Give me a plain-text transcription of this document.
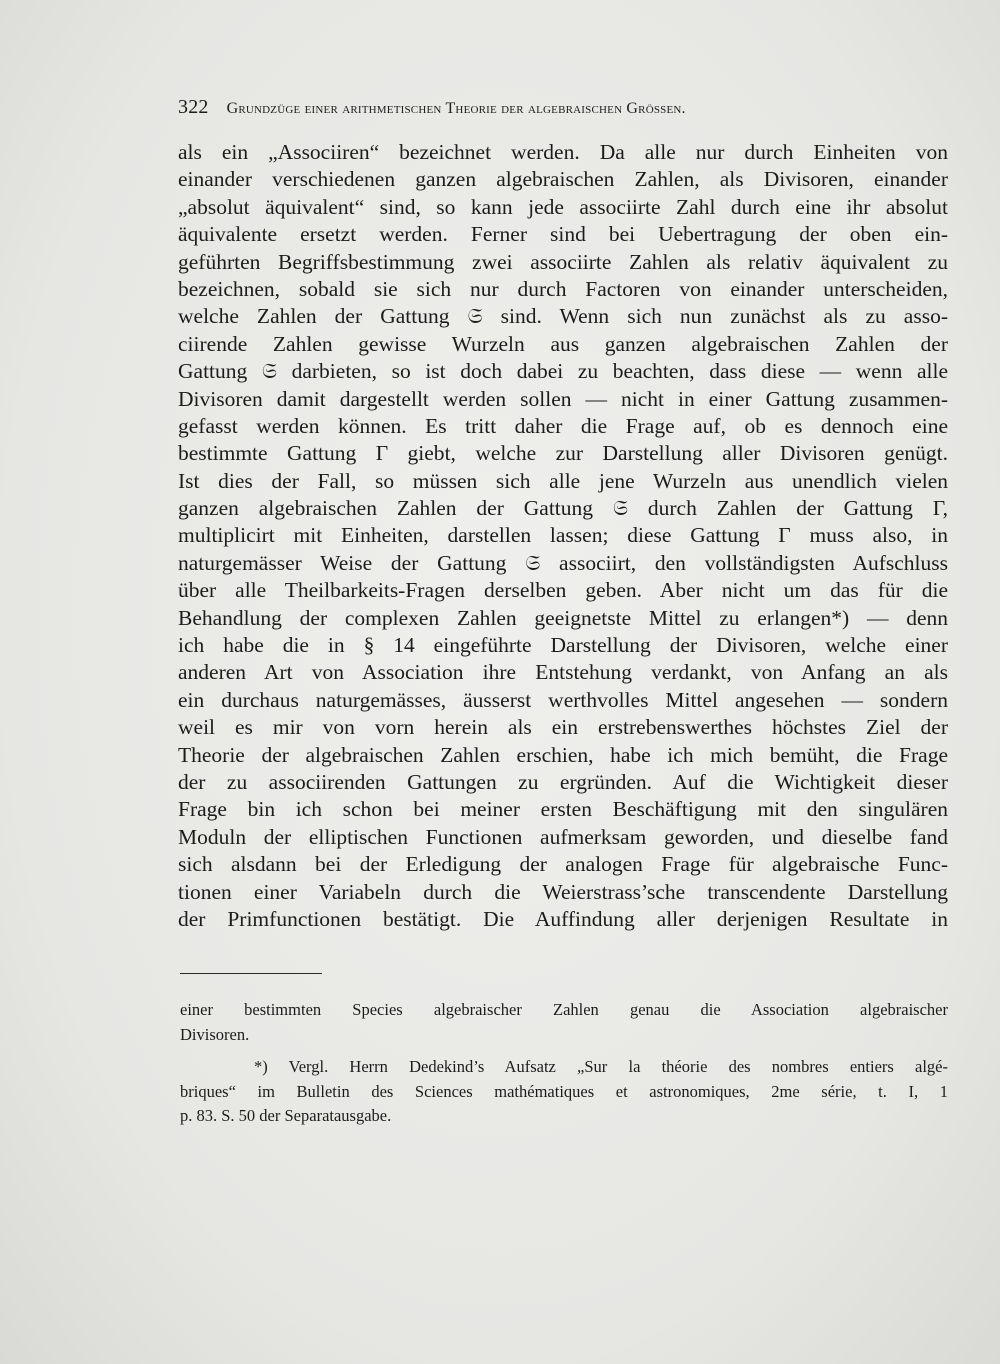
322 Grundzüge einer arithmetischen Theorie der algebraischen Grössen.
als ein „Associiren“ bezeichnet werden. Da alle nur durch Einheiten von
einander verschiedenen ganzen algebraischen Zahlen, als Divisoren, einander
„absolut äquivalent“ sind, so kann jede associirte Zahl durch eine ihr absolut
äquivalente ersetzt werden. Ferner sind bei Uebertragung der oben ein-
geführten Begriffsbestimmung zwei associirte Zahlen als relativ äquivalent zu
bezeichnen, sobald sie sich nur durch Factoren von einander unterscheiden,
welche Zahlen der Gattung 𝔖 sind. Wenn sich nun zunächst als zu asso-
ciirende Zahlen gewisse Wurzeln aus ganzen algebraischen Zahlen der
Gattung 𝔖 darbieten, so ist doch dabei zu beachten, dass diese — wenn alle
Divisoren damit dargestellt werden sollen — nicht in einer Gattung zusammen-
gefasst werden können. Es tritt daher die Frage auf, ob es dennoch eine
bestimmte Gattung Γ giebt, welche zur Darstellung aller Divisoren genügt.
Ist dies der Fall, so müssen sich alle jene Wurzeln aus unendlich vielen
ganzen algebraischen Zahlen der Gattung 𝔖 durch Zahlen der Gattung Γ,
multiplicirt mit Einheiten, darstellen lassen; diese Gattung Γ muss also, in
naturgemässer Weise der Gattung 𝔖 associirt, den vollständigsten Aufschluss
über alle Theilbarkeits-Fragen derselben geben. Aber nicht um das für die
Behandlung der complexen Zahlen geeignetste Mittel zu erlangen*) — denn
ich habe die in § 14 eingeführte Darstellung der Divisoren, welche einer
anderen Art von Association ihre Entstehung verdankt, von Anfang an als
ein durchaus naturgemässes, äusserst werthvolles Mittel angesehen — sondern
weil es mir von vorn herein als ein erstrebenswerthes höchstes Ziel der
Theorie der algebraischen Zahlen erschien, habe ich mich bemüht, die Frage
der zu associirenden Gattungen zu ergründen. Auf die Wichtigkeit dieser
Frage bin ich schon bei meiner ersten Beschäftigung mit den singulären
Moduln der elliptischen Functionen aufmerksam geworden, und dieselbe fand
sich alsdann bei der Erledigung der analogen Frage für algebraische Func-
tionen einer Variabeln durch die Weierstrass’sche transcendente Darstellung
der Primfunctionen bestätigt. Die Auffindung aller derjenigen Resultate in
einer bestimmten Species algebraischer Zahlen genau die Association algebraischer
Divisoren.
*) Vergl. Herrn Dedekind’s Aufsatz „Sur la théorie des nombres entiers algé-
briques“ im Bulletin des Sciences mathématiques et astronomiques, 2me série, t. I, 1
p. 83. S. 50 der Separatausgabe.
